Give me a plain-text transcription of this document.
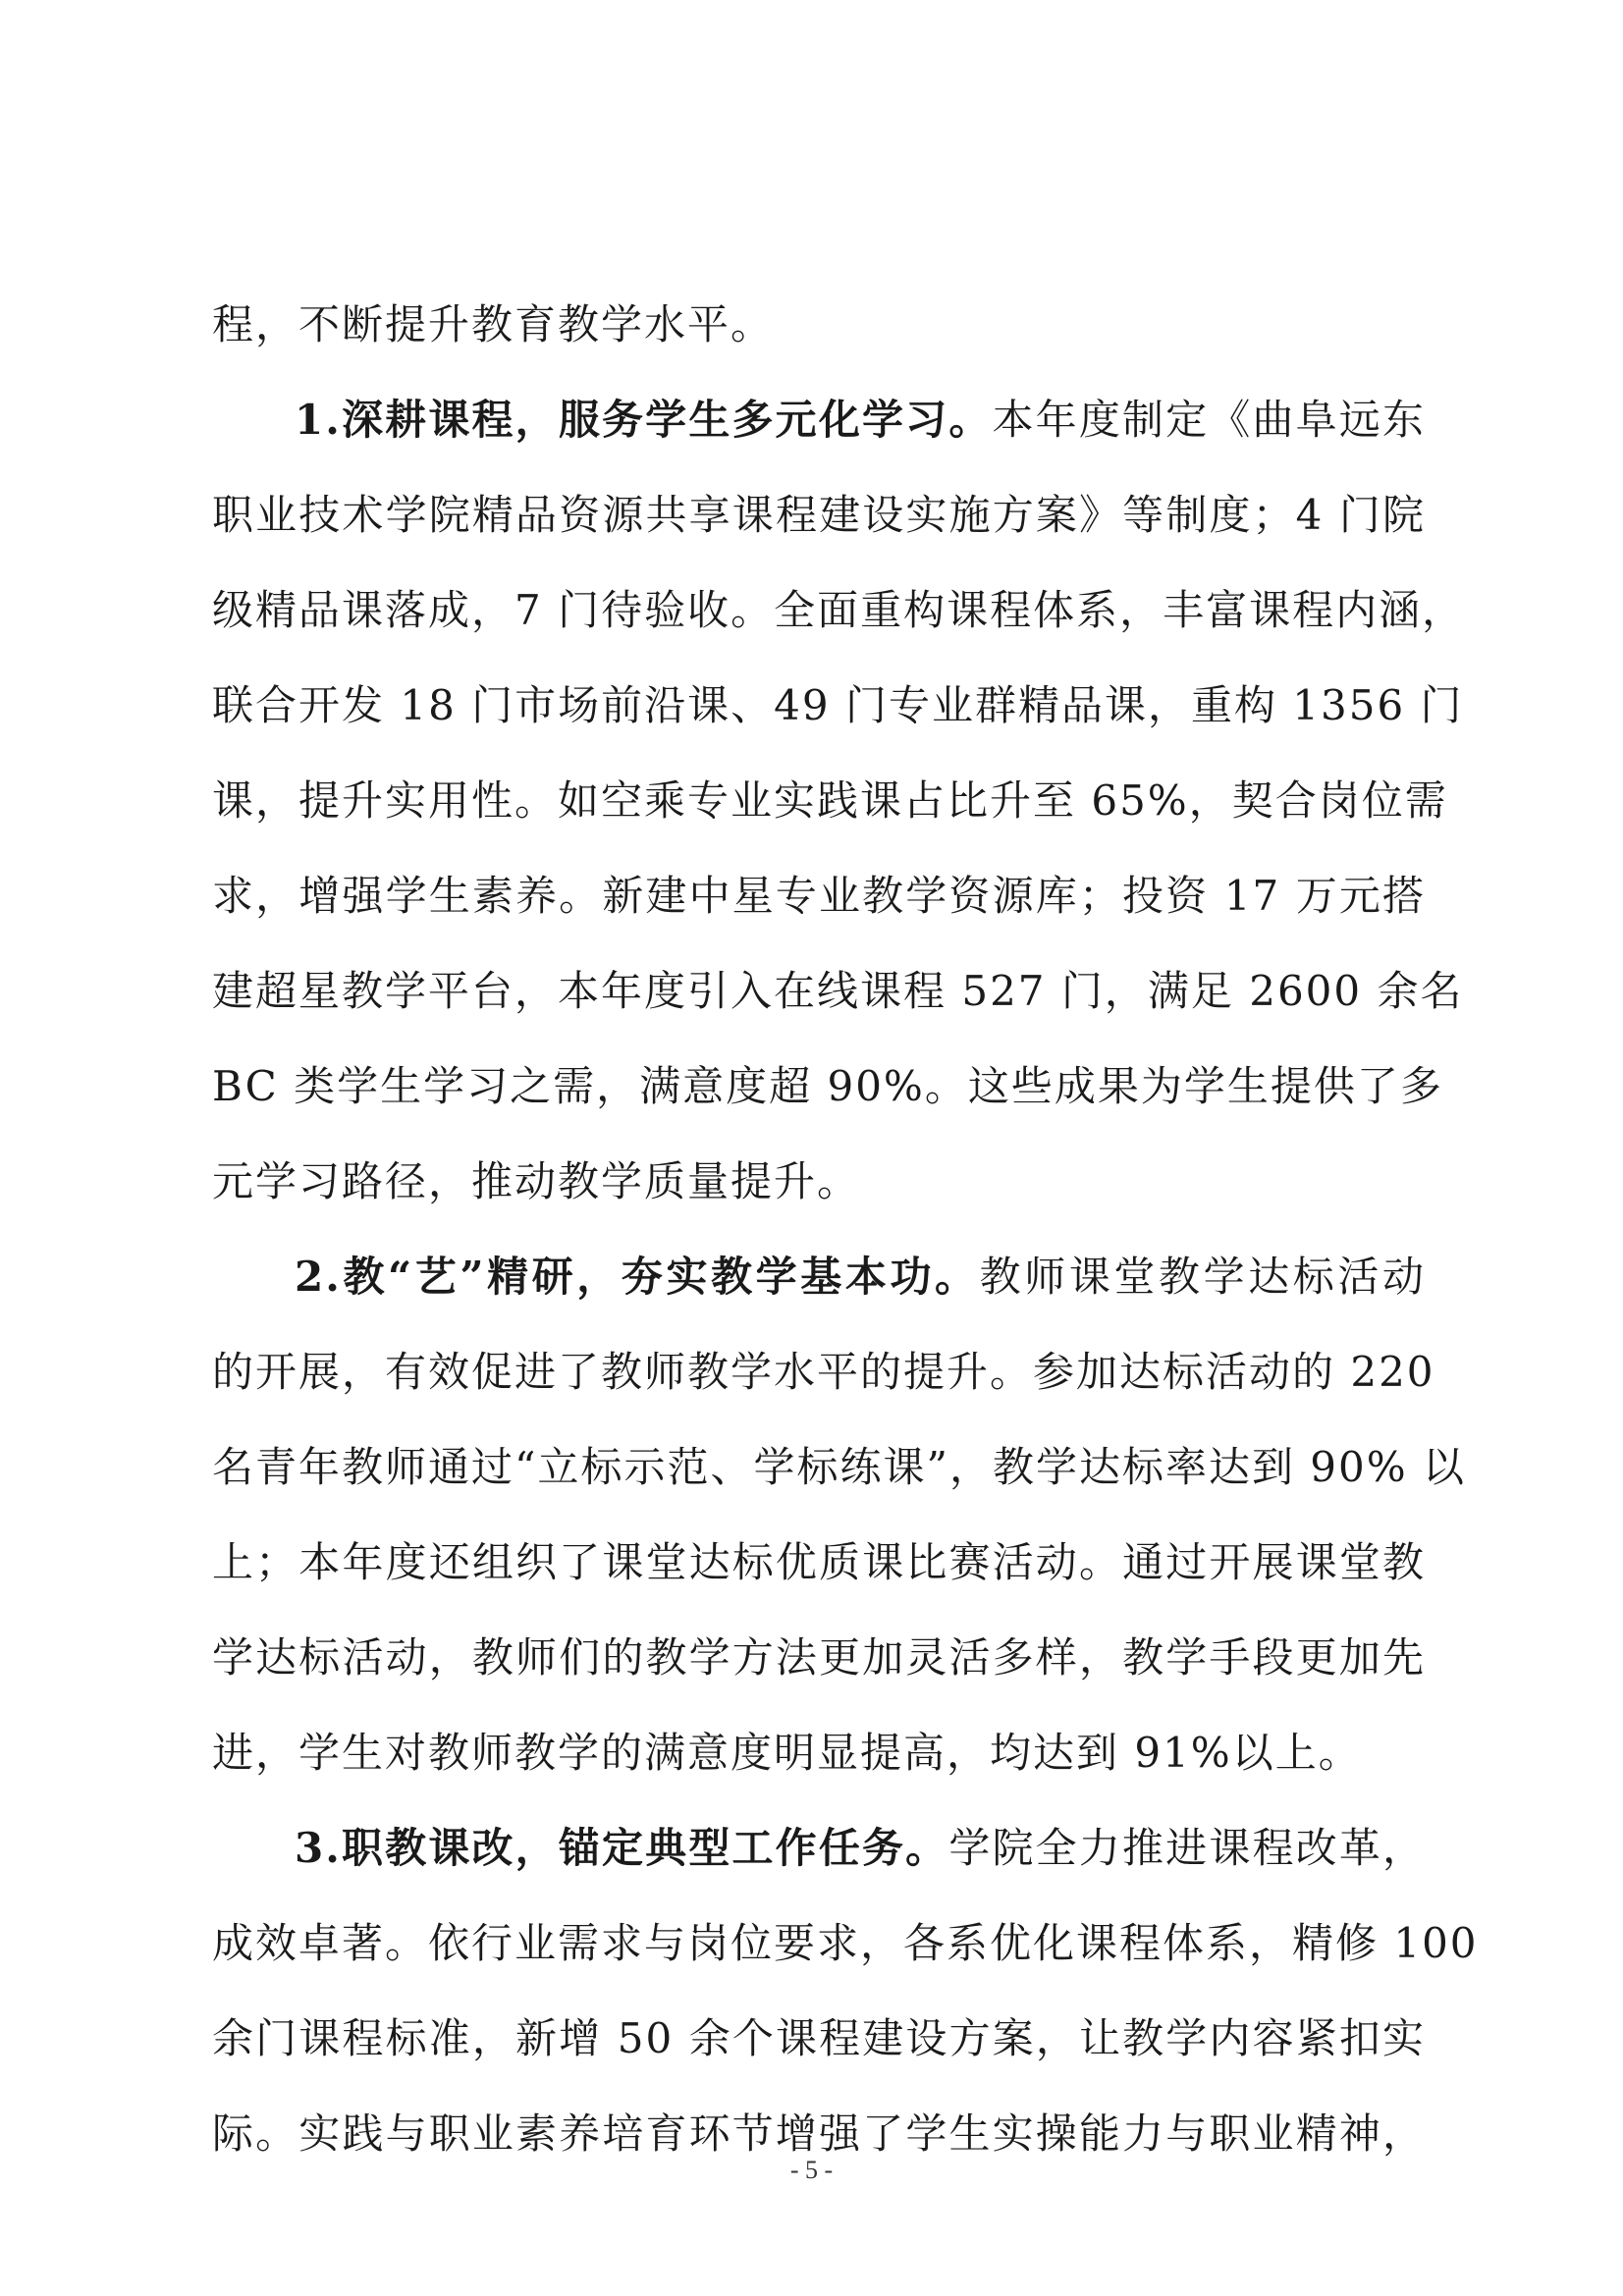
程，不断提升教育教学水平。
1.深耕课程，服务学生多元化学习。本年度制定《曲阜远东
职业技术学院精品资源共享课程建设实施方案》等制度；4 门院
级精品课落成，7 门待验收。全面重构课程体系，丰富课程内涵，
联合开发 18 门市场前沿课、49 门专业群精品课，重构 1356 门
课，提升实用性。如空乘专业实践课占比升至 65%，契合岗位需
求，增强学生素养。新建中星专业教学资源库；投资 17 万元搭
建超星教学平台，本年度引入在线课程 527 门，满足 2600 余名
BC 类学生学习之需，满意度超 90%。这些成果为学生提供了多
元学习路径，推动教学质量提升。
2.教“艺”精研，夯实教学基本功。教师课堂教学达标活动
的开展，有效促进了教师教学水平的提升。参加达标活动的 220
名青年教师通过“立标示范、学标练课”，教学达标率达到 90% 以
上；本年度还组织了课堂达标优质课比赛活动。通过开展课堂教
学达标活动，教师们的教学方法更加灵活多样，教学手段更加先
进，学生对教师教学的满意度明显提高，均达到 91%以上。
3.职教课改，锚定典型工作任务。学院全力推进课程改革，
成效卓著。依行业需求与岗位要求，各系优化课程体系，精修 100
余门课程标准，新增 50 余个课程建设方案，让教学内容紧扣实
际。实践与职业素养培育环节增强了学生实操能力与职业精神，
- 5 -
